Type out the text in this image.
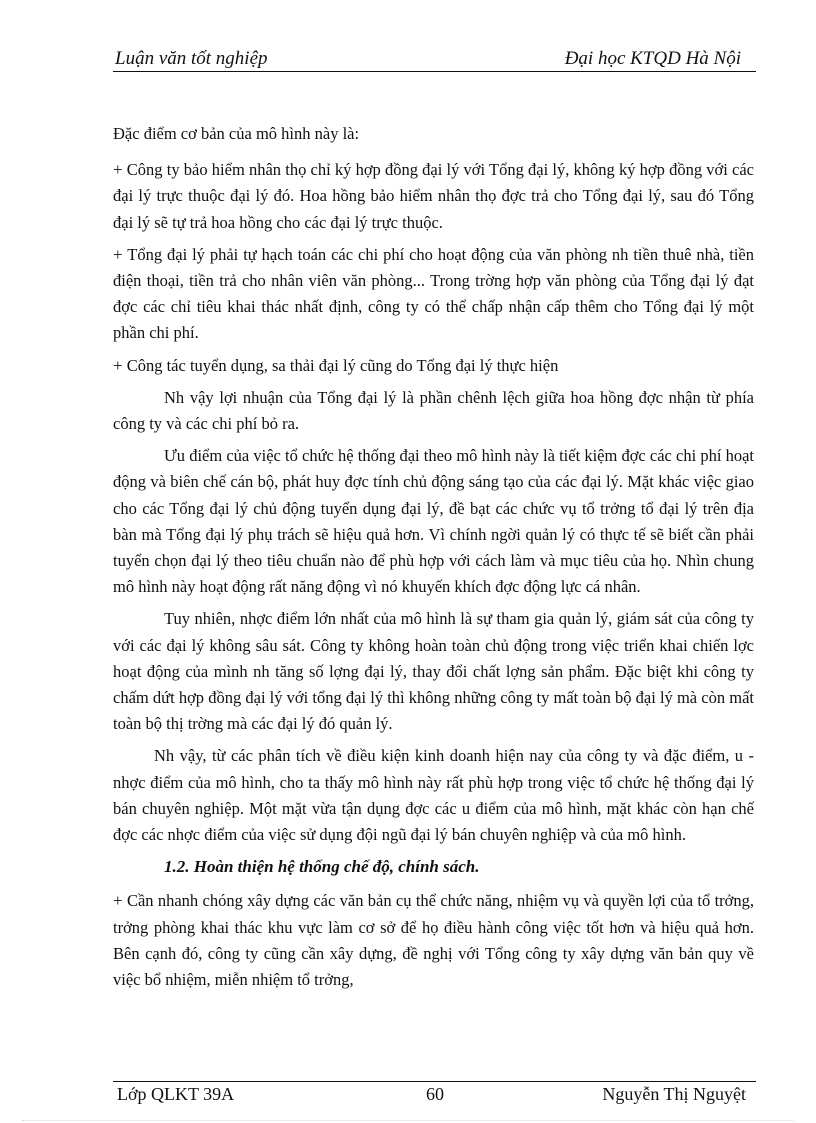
Luận văn tốt nghiệp	Đại học KTQD Hà Nội

Đặc điểm cơ bản của mô hình này là:

+ Công ty bảo hiểm nhân thọ chỉ ký hợp đồng đại lý với Tổng đại lý, không ký hợp đồng với các đại lý trực thuộc đại lý đó. Hoa hồng bảo hiểm nhân thọ đợc trả cho Tổng đại lý, sau đó Tổng đại lý sẽ tự trả hoa hồng cho các đại lý trực thuộc.

+ Tổng đại lý phải tự hạch toán các chi phí cho hoạt động của văn phòng nh tiền thuê nhà, tiền điện thoại, tiền trả cho nhân viên văn phòng... Trong trờng hợp văn phòng của Tổng đại lý đạt đợc các chỉ tiêu khai thác nhất định, công ty có thể chấp nhận cấp thêm cho Tổng đại lý một phần chi phí.

+ Công tác tuyển dụng, sa thải đại lý cũng do Tổng đại lý thực hiện

Nh vậy lợi nhuận của Tổng đại lý là phần chênh lệch giữa hoa hồng đợc nhận từ phía công ty và các chi phí bỏ ra.

Ưu điểm của việc tổ chức hệ thống đại theo mô hình này là tiết kiệm đợc các chi phí hoạt động và biên chế cán bộ, phát huy đợc tính chủ động sáng tạo của các đại lý. Mặt khác việc giao cho các Tổng đại lý chủ động tuyển dụng đại lý, đề bạt các chức vụ tổ trởng tổ đại lý trên địa bàn mà Tổng đại lý phụ trách sẽ hiệu quả hơn. Vì chính ngời quản lý có thực tế sẽ biết cần phải tuyển chọn đại lý theo tiêu chuẩn nào để phù hợp với cách làm và mục tiêu của họ. Nhìn chung mô hình này hoạt động rất năng động vì nó khuyến khích đợc động lực cá nhân.

Tuy nhiên, nhợc điểm lớn nhất của mô hình là sự tham gia quản lý, giám sát của công ty với các đại lý không sâu sát. Công ty không hoàn toàn chủ động trong việc triển khai chiến lợc hoạt động của mình nh tăng số lợng đại lý, thay đổi chất lợng sản phẩm. Đặc biệt khi công ty chấm dứt hợp đồng đại lý với tổng đại lý thì không những công ty mất toàn bộ đại lý mà còn mất toàn bộ thị trờng mà các đại lý đó quản lý.

Nh vậy, từ các phân tích về điều kiện kinh doanh hiện nay của công ty và đặc điểm, u - nhợc điểm của mô hình, cho ta thấy mô hình này rất phù hợp trong việc tổ chức hệ thống đại lý bán chuyên nghiệp. Một mặt vừa tận dụng đợc các u điểm của mô hình, mặt khác còn hạn chế đợc các nhợc điểm của việc sử dụng đội ngũ đại lý bán chuyên nghiệp và của mô hình.

1.2. Hoàn thiện hệ thống chế độ, chính sách.

+ Cần nhanh chóng xây dựng các văn bản cụ thể chức năng, nhiệm vụ và quyền lợi của tổ trởng, trởng phòng khai thác khu vực làm cơ sở để họ điều hành công việc tốt hơn và hiệu quả hơn. Bên cạnh đó, công ty cũng cần xây dựng, đề nghị với Tổng công ty xây dựng văn bản quy về việc bổ nhiệm, miễn nhiệm tổ trởng,

Lớp QLKT 39A	60	Nguyễn Thị Nguyệt
